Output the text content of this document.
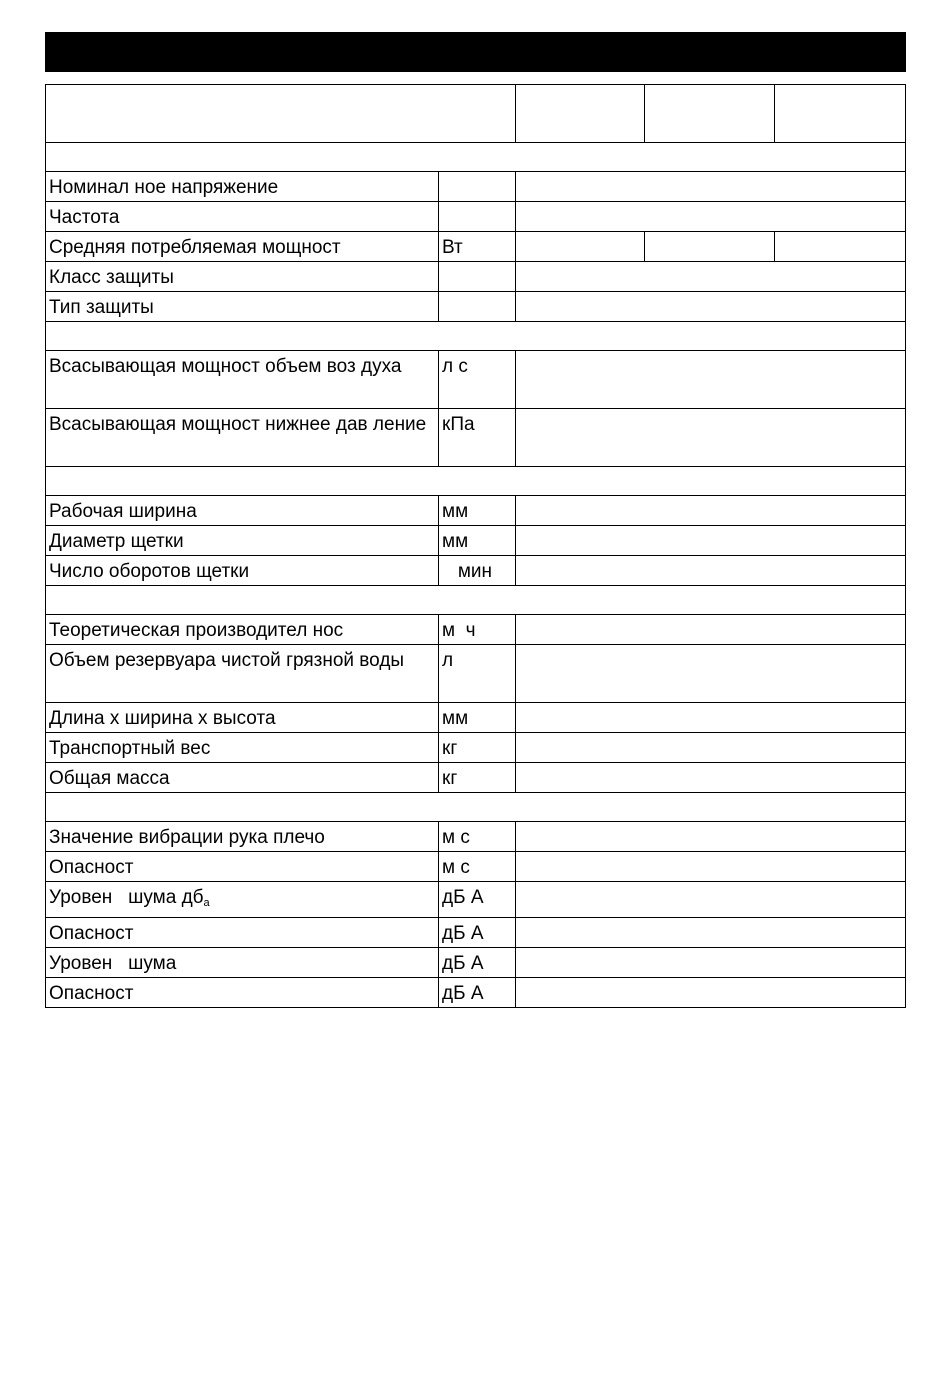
Номинал ное напряжение				
Частота				
Средняя потребляемая мощност	Вт			
Класс защиты				
Тип защиты				

Всасывающая мощност объем воз духа	л с			
Всасывающая мощност нижнее дав ление	кПа			

Рабочая ширина	мм			
Диаметр щетки	мм			
Число оборотов щетки	мин			

Теоретическая производител нос	м  ч			
Объем резервуара чистой грязной воды	л			
Длина х ширина х высота	мм			
Транспортный вес	кг			
Общая масса	кг			

Значение вибрации рука плечо	м с			
Опасност	м с			
Уровен   шума $дб_a$	дБ А			
Опасност	дБ А			
Уровен   шума	дБ А			
Опасност	дБ А			
